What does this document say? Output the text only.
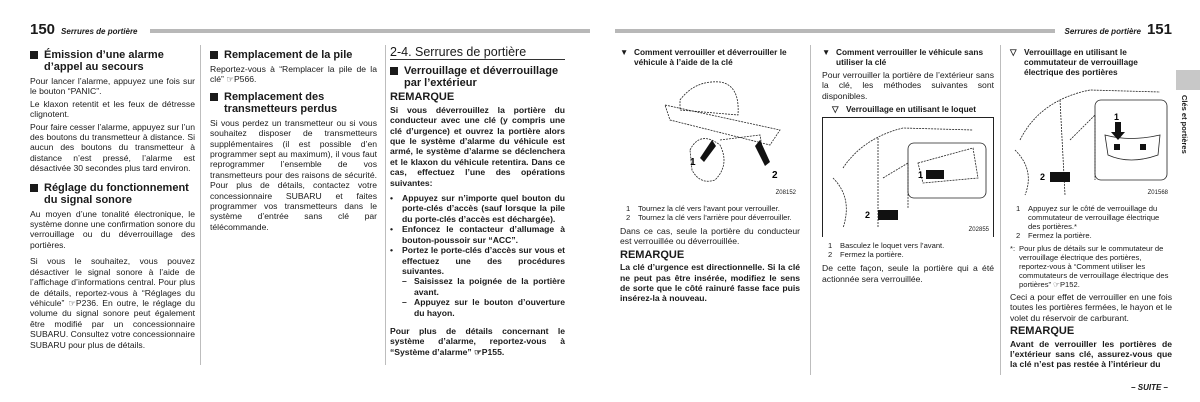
150 Serrures de portière	Serrures de portière 151
Émission d’une alarme d’appel au secours

Pour lancer l’alarme, appuyez une fois sur le bouton “PANIC”.

Le klaxon retentit et les feux de détresse clignotent.

Pour faire cesser l’alarme, appuyez sur l’un des boutons du transmetteur à distance. Si aucun des boutons du transmetteur à distance n’est pressé, l’alarme est désactivée 30 secondes plus tard environ.

Réglage du fonctionnement du signal sonore

Au moyen d’une tonalité électronique, le système donne une confirmation sonore du verrouillage ou du déverrouillage des portières.

Si vous le souhaitez, vous pouvez désactiver le signal sonore à l’aide de l’affichage d’informations central. Pour plus de détails, reportez-vous à “Réglages du véhicule” ☞P236. En outre, le réglage du volume du signal sonore peut également être modifié par un concessionnaire SUBARU. Consultez votre concessionnaire SUBARU pour plus de détails.

Remplacement de la pile

Reportez-vous à “Remplacer la pile de la clé” ☞P566.

Remplacement des transmetteurs perdus

Si vous perdez un transmetteur ou si vous souhaitez disposer de transmetteurs supplémentaires (il est possible d’en programmer sept au maximum), il vous faut reprogrammer l’ensemble de vos transmetteurs pour des raisons de sécurité. Pour plus de détails, contactez votre concessionnaire SUBARU et faites programmer vos transmetteurs dans le système d’entrée sans clé par télécommande.

2-4. Serrures de portière
Verrouillage et déverrouillage par l’extérieur
REMARQUE

Si vous déverrouillez la portière du conducteur avec une clé (y compris une clé d’urgence) et ouvrez la portière alors que le système d’alarme du véhicule est armé, le système d’alarme se déclenchera et le klaxon du véhicule retentira. Dans ce cas, effectuez l’une des opérations suivantes:

•	Appuyez sur n’importe quel bouton du porte-clés d’accès (sauf lorsque la pile du porte-clés d’accès est déchargée).
•	Enfoncez le contacteur d’allumage à bouton-poussoir sur “ACC”.
•	Portez le porte-clés d’accès sur vous et effectuez une des procédures suivantes.
– Saisissez la poignée de la portière avant.
– Appuyez sur le bouton d’ouverture du hayon.

Pour plus de détails concernant le système d’alarme, reportez-vous à “Système d’alarme” ☞P155.

▼ Comment verrouiller et déverrouiller le véhicule à l’aide de la clé
1
2
Z08152
1	Tournez la clé vers l’avant pour verrouiller.
2	Tournez la clé vers l’arrière pour déverrouiller.

Dans ce cas, seule la portière du conducteur est verrouillée ou déverrouillée.

REMARQUE

La clé d’urgence est directionnelle. Si la clé ne peut pas être insérée, modifiez le sens de sorte que le côté rainuré fasse face puis insérez-la à nouveau.

▼ Comment verrouiller le véhicule sans utiliser la clé

Pour verrouiller la portière de l’extérieur sans la clé, les méthodes suivantes sont disponibles.

▽ Verrouillage en utilisant le loquet
1
2
Z02855
1	Basculez le loquet vers l’avant.
2	Fermez la portière.

De cette façon, seule la portière qui a été actionnée sera verrouillée.

▽ Verrouillage en utilisant le commutateur de verrouillage électrique des portières
1
2
Z01568
1	Appuyez sur le côté de verrouillage du commutateur de verrouillage électrique des portières.*
2	Fermez la portière.
*: Pour plus de détails sur le commutateur de verrouillage électrique des portières, reportez-vous à “Comment utiliser les commutateurs de verrouillage électrique des portières” ☞P152.

Ceci a pour effet de verrouiller en une fois toutes les portières fermées, le hayon et le volet du réservoir de carburant.

REMARQUE

Avant de verrouiller les portières de l’extérieur sans clé, assurez-vous que la clé n’est pas restée à l’intérieur du

Clés et portières
– SUITE –
